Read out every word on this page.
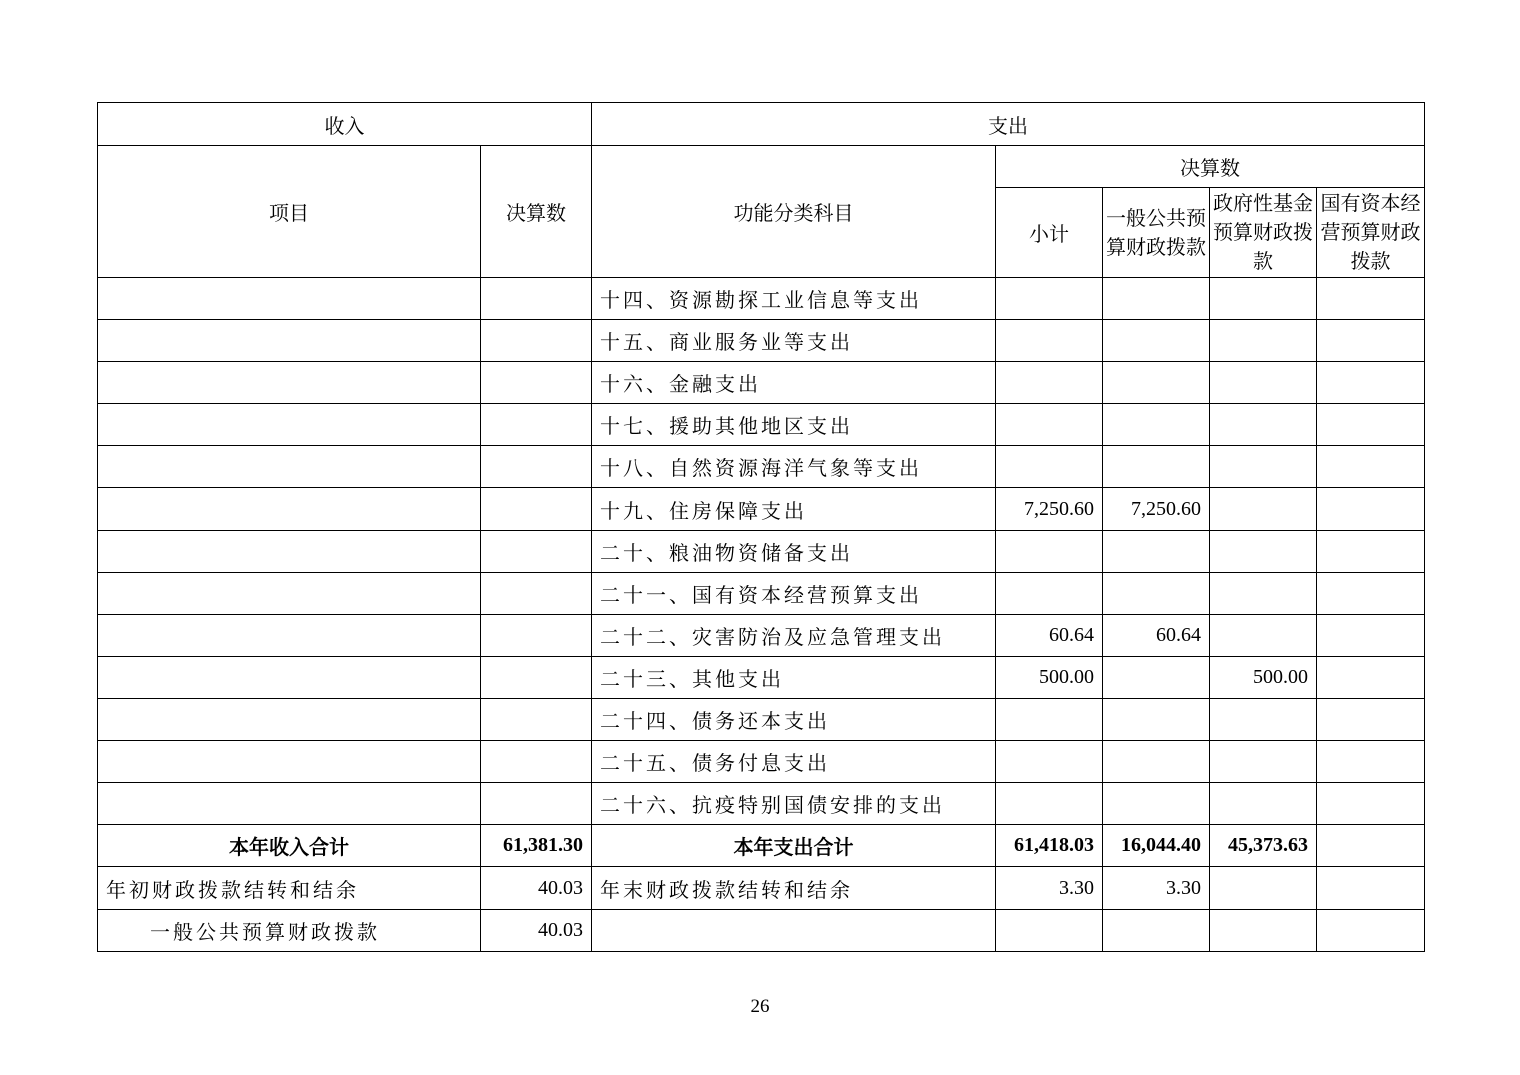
收入		支出				
项目	决算数	功能分类科目	决算数			
			小计	一般公共预算财政拨款	政府性基金预算财政拨款	国有资本经营预算财政拨款
		十四、资源勘探工业信息等支出				
		十五、商业服务业等支出				
		十六、金融支出				
		十七、援助其他地区支出				
		十八、自然资源海洋气象等支出				
		十九、住房保障支出	7,250.60	7,250.60		
		二十、粮油物资储备支出				
		二十一、国有资本经营预算支出				
		二十二、灾害防治及应急管理支出	60.64	60.64		
		二十三、其他支出	500.00		500.00	
		二十四、债务还本支出				
		二十五、债务付息支出				
		二十六、抗疫特别国债安排的支出				
本年收入合计	61,381.30	本年支出合计	61,418.03	16,044.40	45,373.63	
年初财政拨款结转和结余	40.03	年末财政拨款结转和结余	3.30	3.30		
一般公共预算财政拨款	40.03					
26
